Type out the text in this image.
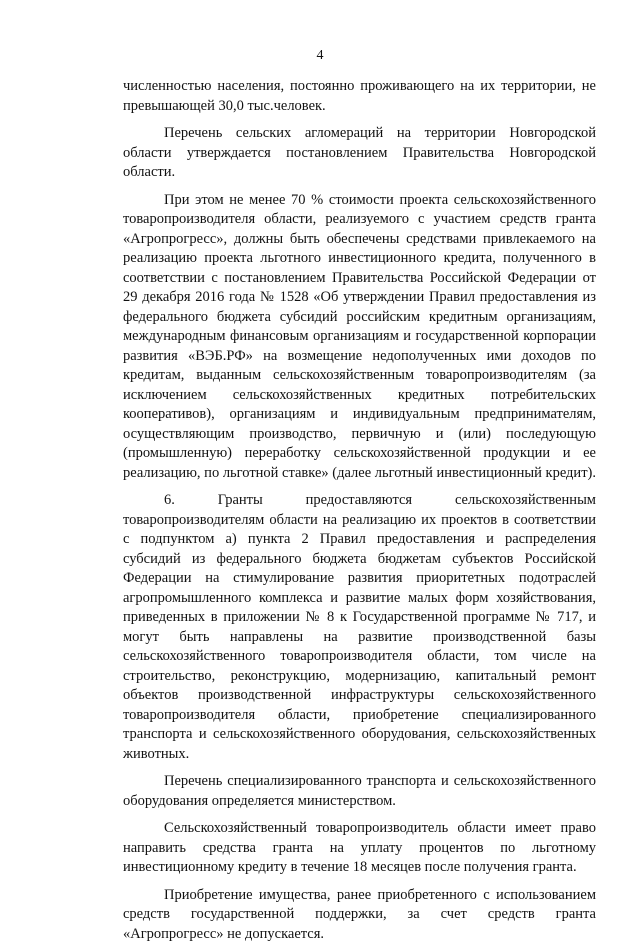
4

численностью населения, постоянно проживающего на их территории, не превышающей 30,0 тыс.человек.

Перечень сельских агломераций на территории Новгородской области утверждается постановлением Правительства Новгородской области.

При этом не менее 70 % стоимости проекта сельскохозяйственного товаропроизводителя области, реализуемого с участием средств гранта «Агропрогресс», должны быть обеспечены средствами привлекаемого на реализацию проекта льготного инвестиционного кредита, полученного в соответствии с постановлением Правительства Российской Федерации от 29 декабря 2016 года № 1528 «Об утверждении Правил предоставления из федерального бюджета субсидий российским кредитным организациям, международным финансовым организациям и государственной корпорации развития «ВЭБ.РФ» на возмещение недополученных ими доходов по кредитам, выданным сельскохозяйственным товаропроизводителям (за исключением сельскохозяйственных кредитных потребительских кооперативов), организациям и индивидуальным предпринимателям, осуществляющим производство, первичную и (или) последующую (промышленную) переработку сельскохозяйственной продукции и ее реализацию, по льготной ставке» (далее льготный инвестиционный кредит).

6. Гранты предоставляются сельскохозяйственным товаропроизводителям области на реализацию их проектов в соответствии с подпунктом а) пункта 2 Правил предоставления и распределения субсидий из федерального бюджета бюджетам субъектов Российской Федерации на стимулирование развития приоритетных подотраслей агропромышленного комплекса и развитие малых форм хозяйствования, приведенных в приложении № 8 к Государственной программе № 717, и могут быть направлены на развитие производственной базы сельскохозяйственного товаропроизводителя области, том числе на строительство, реконструкцию, модернизацию, капитальный ремонт объектов производственной инфраструктуры сельскохозяйственного товаропроизводителя области, приобретение специализированного транспорта и сельскохозяйственного оборудования, сельскохозяйственных животных.

Перечень специализированного транспорта и сельскохозяйственного оборудования определяется министерством.

Сельскохозяйственный товаропроизводитель области имеет право направить средства гранта на уплату процентов по льготному инвестиционному кредиту в течение 18 месяцев после получения гранта.

Приобретение имущества, ранее приобретенного с использованием средств государственной поддержки, за счет средств гранта «Агропрогресс» не допускается.
